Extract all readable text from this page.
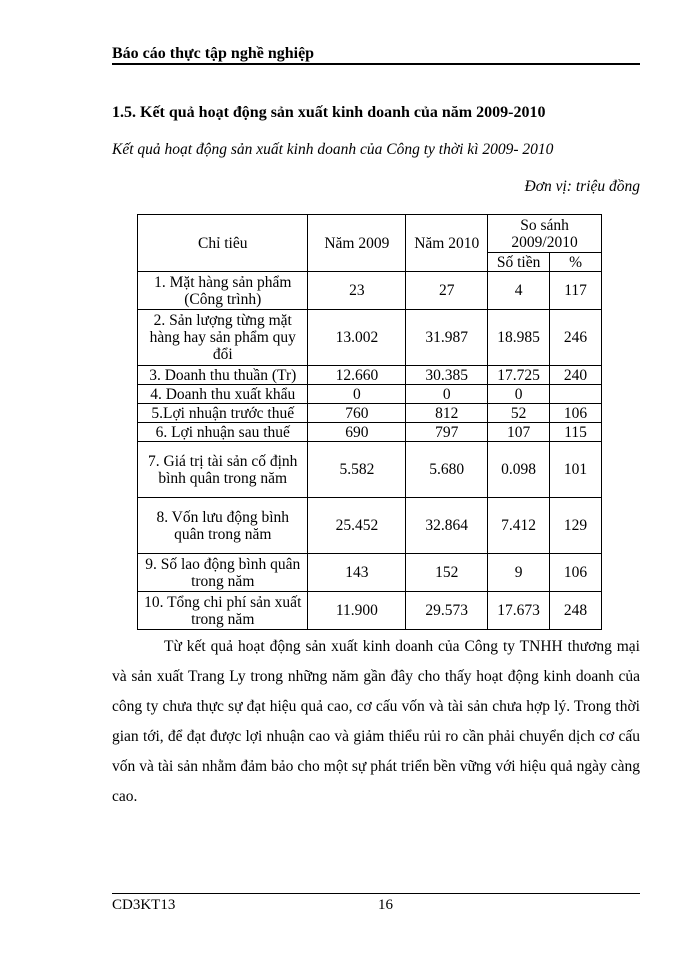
Báo cáo thực tập nghề nghiệp
1.5. Kết quả hoạt động sản xuất kinh doanh của năm 2009-2010
Kết quả hoạt động sản xuất kinh doanh của Công ty thời kì 2009- 2010
Đơn vị: triệu đồng
Chỉ tiêu	Năm 2009	Năm 2010	So sánh 2009/2010	
			Số tiền	%
1. Mặt hàng sản phẩm (Công trình)	23	27	4	117
2. Sản lượng từng mặt hàng hay sản phẩm quy đổi	13.002	31.987	18.985	246
3. Doanh thu thuần (Tr)	12.660	30.385	17.725	240
4. Doanh thu xuất khẩu	0	0	0	
5.Lợi nhuận trước thuế	760	812	52	106
6. Lợi nhuận sau thuế	690	797	107	115
7. Giá trị tài sản cố định bình quân trong năm	5.582	5.680	0.098	101
8. Vốn lưu động bình quân trong năm	25.452	32.864	7.412	129
9. Số lao động bình quân trong năm	143	152	9	106
10. Tổng chi phí sản xuất trong năm	11.900	29.573	17.673	248

Từ kết quả hoạt động sản xuất kinh doanh của Công ty TNHH thương mại và sản xuất Trang Ly trong những năm gần đây cho thấy hoạt động kinh doanh của công ty chưa thực sự đạt hiệu quả cao, cơ cấu vốn và tài sản chưa hợp lý. Trong thời gian tới, để đạt được lợi nhuận cao và giảm thiểu rủi ro cần phải chuyển dịch cơ cấu vốn và tài sản nhằm đảm bảo cho một sự phát triển bền vững với hiệu quả ngày càng cao.

CD3KT13	16
